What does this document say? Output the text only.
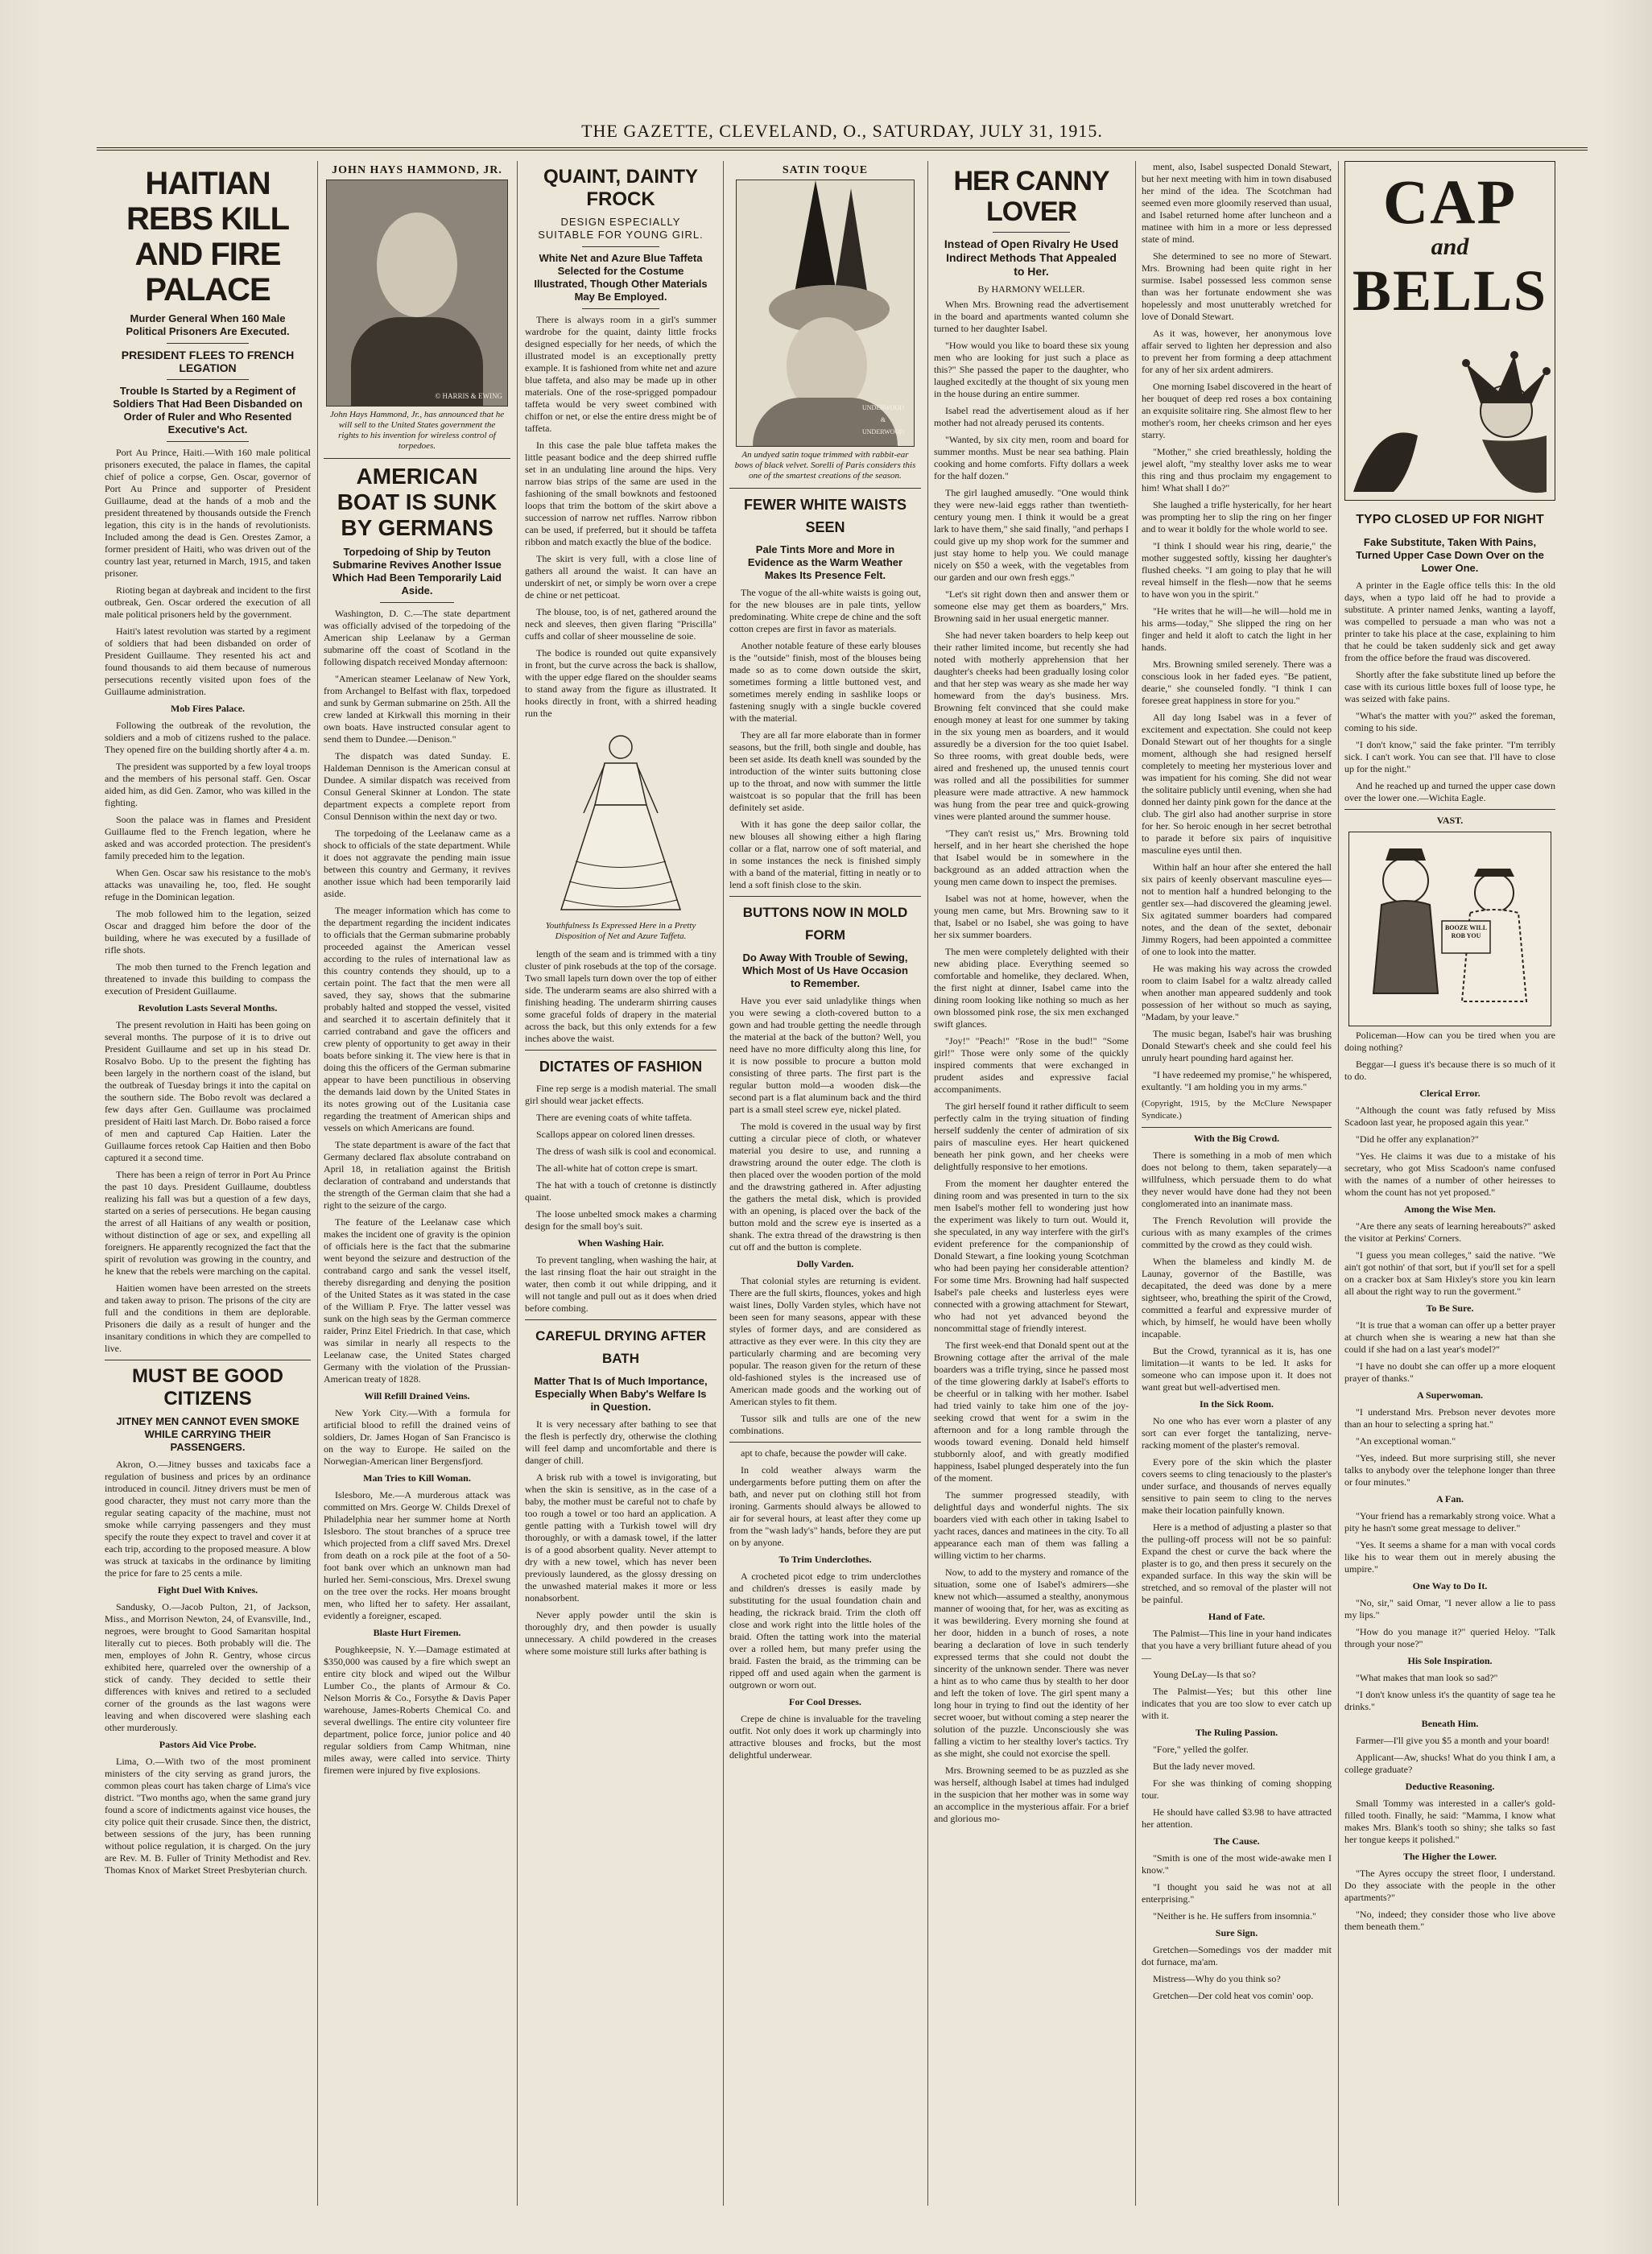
THE GAZETTE, CLEVELAND, O., SATURDAY, JULY 31, 1915.
HAITIAN REBS KILL AND FIRE PALACE
Murder General When 160 Male Political Prisoners Are Executed.
PRESIDENT FLEES TO FRENCH LEGATION
Trouble Is Started by a Regiment of Soldiers That Had Been Disbanded on Order of Ruler and Who Resented Executive's Act.

Port Au Prince, Haiti.—With 160 male political prisoners executed, the palace in flames, the capital chief of police a corpse, Gen. Oscar, governor of Port Au Prince and supporter of President Guillaume, dead at the hands of a mob and the president threatened by thousands outside the French legation, this city is in the hands of revolutionists. Included among the dead is Gen. Orestes Zamor, a former president of Haiti, who was driven out of the country last year, returned in March, 1915, and taken prisoner.

Rioting began at daybreak and incident to the first outbreak, Gen. Oscar ordered the execution of all male political prisoners held by the government.

Haiti's latest revolution was started by a regiment of soldiers that had been disbanded on order of President Guillaume. They resented his act and found thousands to aid them because of numerous persecutions recently visited upon foes of the Guillaume administration.

Mob Fires Palace.

Following the outbreak of the revolution, the soldiers and a mob of citizens rushed to the palace. They opened fire on the building shortly after 4 a. m.

The president was supported by a few loyal troops and the members of his personal staff. Gen. Oscar aided him, as did Gen. Zamor, who was killed in the fighting.

Soon the palace was in flames and President Guillaume fled to the French legation, where he asked and was accorded protection. The president's family preceded him to the legation.

When Gen. Oscar saw his resistance to the mob's attacks was unavailing he, too, fled. He sought refuge in the Dominican legation.

The mob followed him to the legation, seized Oscar and dragged him before the door of the building, where he was executed by a fusillade of rifle shots.

The mob then turned to the French legation and threatened to invade this building to compass the execution of President Guillaume.

Revolution Lasts Several Months.

The present revolution in Haiti has been going on several months. The purpose of it is to drive out President Guillaume and set up in his stead Dr. Rosalvo Bobo. Up to the present the fighting has been largely in the northern coast of the island, but the outbreak of Tuesday brings it into the capital on the southern side. The Bobo revolt was declared a few days after Gen. Guillaume was proclaimed president of Haiti last March. Dr. Bobo raised a force of men and captured Cap Haitien. Later the Guillaume forces retook Cap Haitien and then Bobo captured it a second time.

There has been a reign of terror in Port Au Prince the past 10 days. President Guillaume, doubtless realizing his fall was but a question of a few days, started on a series of persecutions. He began causing the arrest of all Haitians of any wealth or position, without distinction of age or sex, and expelling all foreigners. He apparently recognized the fact that the spirit of revolution was growing in the country, and he knew that the rebels were marching on the capital.

Haitien women have been arrested on the streets and taken away to prison. The prisons of the city are full and the conditions in them are deplorable. Prisoners die daily as a result of hunger and the insanitary conditions in which they are compelled to live.

MUST BE GOOD CITIZENS
JITNEY MEN CANNOT EVEN SMOKE WHILE CARRYING THEIR PASSENGERS.

Akron, O.—Jitney busses and taxicabs face a regulation of business and prices by an ordinance introduced in council. Jitney drivers must be men of good character, they must not carry more than the regular seating capacity of the machine, must not smoke while carrying passengers and they must specify the route they expect to travel and cover it at each trip, according to the proposed measure. A blow was struck at taxicabs in the ordinance by limiting the price for fare to 25 cents a mile.

Fight Duel With Knives.

Sandusky, O.—Jacob Pulton, 21, of Jackson, Miss., and Morrison Newton, 24, of Evansville, Ind., negroes, were brought to Good Samaritan hospital literally cut to pieces. Both probably will die. The men, employes of John R. Gentry, whose circus exhibited here, quarreled over the ownership of a stick of candy. They decided to settle their differences with knives and retired to a secluded corner of the grounds as the last wagons were leaving and when discovered were slashing each other murderously.

Pastors Aid Vice Probe.

Lima, O.—With two of the most prominent ministers of the city serving as grand jurors, the common pleas court has taken charge of Lima's vice district. "Two months ago, when the same grand jury found a score of indictments against vice houses, the city police quit their crusade. Since then, the district, between sessions of the jury, has been running without police regulation, it is charged. On the jury are Rev. M. B. Fuller of Trinity Methodist and Rev. Thomas Knox of Market Street Presbyterian church.

JOHN HAYS HAMMOND, JR.
© HARRIS & EWING
John Hays Hammond, Jr., has announced that he will sell to the United States government the rights to his invention for wireless control of torpedoes.
AMERICAN BOAT IS SUNK BY GERMANS
Torpedoing of Ship by Teuton Submarine Revives Another Issue Which Had Been Temporarily Laid Aside.

Washington, D. C.—The state department was officially advised of the torpedoing of the American ship Leelanaw by a German submarine off the coast of Scotland in the following dispatch received Monday afternoon:

"American steamer Leelanaw of New York, from Archangel to Belfast with flax, torpedoed and sunk by German submarine on 25th. All the crew landed at Kirkwall this morning in their own boats. Have instructed consular agent to send them to Dundee.—Denison."

The dispatch was dated Sunday. E. Haldeman Dennison is the American consul at Dundee. A similar dispatch was received from Consul General Skinner at London. The state department expects a complete report from Consul Dennison within the next day or two.

The torpedoing of the Leelanaw came as a shock to officials of the state department. While it does not aggravate the pending main issue between this country and Germany, it revives another issue which had been temporarily laid aside.

The meager information which has come to the department regarding the incident indicates to officials that the German submarine probably proceeded against the American vessel according to the rules of international law as this country contends they should, up to a certain point. The fact that the men were all saved, they say, shows that the submarine probably halted and stopped the vessel, visited and searched it to ascertain definitely that it carried contraband and gave the officers and crew plenty of opportunity to get away in their boats before sinking it. The view here is that in doing this the officers of the German submarine appear to have been punctilious in observing the demands laid down by the United States in its notes growing out of the Lusitania case regarding the treatment of American ships and vessels on which Americans are found.

The state department is aware of the fact that Germany declared flax absolute contraband on April 18, in retaliation against the British declaration of contraband and understands that the strength of the German claim that she had a right to the seizure of the cargo.

The feature of the Leelanaw case which makes the incident one of gravity is the opinion of officials here is the fact that the submarine went beyond the seizure and destruction of the contraband cargo and sank the vessel itself, thereby disregarding and denying the position of the United States as it was stated in the case of the William P. Frye. The latter vessel was sunk on the high seas by the German commerce raider, Prinz Eitel Friedrich. In that case, which was similar in nearly all respects to the Leelanaw case, the United States charged Germany with the violation of the Prussian-American treaty of 1828.

Will Refill Drained Veins.

New York City.—With a formula for artificial blood to refill the drained veins of soldiers, Dr. James Hogan of San Francisco is on the way to Europe. He sailed on the Norwegian-American liner Bergensfjord.

Man Tries to Kill Woman.

Islesboro, Me.—A murderous attack was committed on Mrs. George W. Childs Drexel of Philadelphia near her summer home at North Islesboro. The stout branches of a spruce tree which projected from a cliff saved Mrs. Drexel from death on a rock pile at the foot of a 50-foot bank over which an unknown man had hurled her. Semi-conscious, Mrs. Drexel swung on the tree over the rocks. Her moans brought men, who lifted her to safety. Her assailant, evidently a foreigner, escaped.

Blaste Hurt Firemen.

Poughkeepsie, N. Y.—Damage estimated at $350,000 was caused by a fire which swept an entire city block and wiped out the Wilbur Lumber Co., the plants of Armour & Co. Nelson Morris & Co., Forsythe & Davis Paper warehouse, James-Roberts Chemical Co. and several dwellings. The entire city volunteer fire department, police force, junior police and 40 regular soldiers from Camp Whitman, nine miles away, were called into service. Thirty firemen were injured by five explosions.

QUAINT, DAINTY FROCK
DESIGN ESPECIALLY SUITABLE FOR YOUNG GIRL.
White Net and Azure Blue Taffeta Selected for the Costume Illustrated, Though Other Materials May Be Employed.

There is always room in a girl's summer wardrobe for the quaint, dainty little frocks designed especially for her needs, of which the illustrated model is an exceptionally pretty example. It is fashioned from white net and azure blue taffeta, and also may be made up in other materials. One of the rose-sprigged pompadour taffeta would be very sweet combined with chiffon or net, or else the entire dress might be of taffeta.

In this case the pale blue taffeta makes the little peasant bodice and the deep shirred ruffle set in an undulating line around the hips. Very narrow bias strips of the same are used in the fashioning of the small bowknots and festooned loops that trim the bottom of the skirt above a succession of narrow net ruffles. Narrow ribbon can be used, if preferred, but it should be taffeta ribbon and match exactly the blue of the bodice.

The skirt is very full, with a close line of gathers all around the waist. It can have an underskirt of net, or simply be worn over a crepe de chine or net petticoat.

The blouse, too, is of net, gathered around the neck and sleeves, then given flaring "Priscilla" cuffs and collar of sheer mousseline de soie.

The bodice is rounded out quite expansively in front, but the curve across the back is shallow, with the upper edge flared on the shoulder seams to stand away from the figure as illustrated. It hooks directly in front, with a shirred heading run the

Youthfulness Is Expressed Here in a Pretty Disposition of Net and Azure Taffeta.

length of the seam and is trimmed with a tiny cluster of pink rosebuds at the top of the corsage. Two small lapels turn down over the top of either side. The underarm seams are also shirred with a finishing heading. The underarm shirring causes some graceful folds of drapery in the material across the back, but this only extends for a few inches above the waist.

DICTATES OF FASHION

Fine rep serge is a modish material. The small girl should wear jacket effects.

There are evening coats of white taffeta.

Scallops appear on colored linen dresses.

The dress of wash silk is cool and economical.

The all-white hat of cotton crepe is smart.

The hat with a touch of cretonne is distinctly quaint.

The loose unbelted smock makes a charming design for the small boy's suit.

When Washing Hair.

To prevent tangling, when washing the hair, at the last rinsing float the hair out straight in the water, then comb it out while dripping, and it will not tangle and pull out as it does when dried before combing.

CAREFUL DRYING AFTER BATH
Matter That Is of Much Importance, Especially When Baby's Welfare Is in Question.

It is very necessary after bathing to see that the flesh is perfectly dry, otherwise the clothing will feel damp and uncomfortable and there is danger of chill.

A brisk rub with a towel is invigorating, but when the skin is sensitive, as in the case of a baby, the mother must be careful not to chafe by too rough a towel or too hard an application. A gentle patting with a Turkish towel will dry thoroughly, or with a damask towel, if the latter is of a good absorbent quality. Never attempt to dry with a new towel, which has never been previously laundered, as the glossy dressing on the unwashed material makes it more or less nonabsorbent.

Never apply powder until the skin is thoroughly dry, and then powder is usually unnecessary. A child powdered in the creases where some moisture still lurks after bathing is

SATIN TOQUE
UNDERWOOD & UNDERWOOD
An undyed satin toque trimmed with rabbit-ear bows of black velvet. Sorelli of Paris considers this one of the smartest creations of the season.
FEWER WHITE WAISTS SEEN
Pale Tints More and More in Evidence as the Warm Weather Makes Its Presence Felt.

The vogue of the all-white waists is going out, for the new blouses are in pale tints, yellow predominating. White crepe de chine and the soft cotton crepes are first in favor as materials.

Another notable feature of these early blouses is the "outside" finish, most of the blouses being made so as to come down outside the skirt, sometimes forming a little buttoned vest, and sometimes merely ending in sashlike loops or fastening snugly with a single buckle covered with the material.

They are all far more elaborate than in former seasons, but the frill, both single and double, has been set aside. Its death knell was sounded by the introduction of the winter suits buttoning close up to the throat, and now with summer the little waistcoat is so popular that the frill has been definitely set aside.

With it has gone the deep sailor collar, the new blouses all showing either a high flaring collar or a flat, narrow one of soft material, and in some instances the neck is finished simply with a band of the material, fitting in neatly or to lend a soft finish close to the skin.

BUTTONS NOW IN MOLD FORM
Do Away With Trouble of Sewing, Which Most of Us Have Occasion to Remember.

Have you ever said unladylike things when you were sewing a cloth-covered button to a gown and had trouble getting the needle through the material at the back of the button? Well, you need have no more difficulty along this line, for it is now possible to procure a button mold consisting of three parts. The first part is the regular button mold—a wooden disk—the second part is a flat aluminum back and the third part is a small steel screw eye, nickel plated.

The mold is covered in the usual way by first cutting a circular piece of cloth, or whatever material you desire to use, and running a drawstring around the outer edge. The cloth is then placed over the wooden portion of the mold and the drawstring gathered in. After adjusting the gathers the metal disk, which is provided with an opening, is placed over the back of the button mold and the screw eye is inserted as a shank. The extra thread of the drawstring is then cut off and the button is complete.

Dolly Varden.

That colonial styles are returning is evident. There are the full skirts, flounces, yokes and high waist lines, Dolly Varden styles, which have not been seen for many seasons, appear with these styles of former days, and are considered as attractive as they ever were. In this city they are particularly charming and are becoming very popular. The reason given for the return of these old-fashioned styles is the increased use of American made goods and the working out of American styles to fit them.

Tussor silk and tulls are one of the new combinations.

apt to chafe, because the powder will cake.

In cold weather always warm the undergarments before putting them on after the bath, and never put on clothing still hot from ironing. Garments should always be allowed to air for several hours, at least after they come up from the "wash lady's" hands, before they are put on by anyone.

To Trim Underclothes.

A crocheted picot edge to trim underclothes and children's dresses is easily made by substituting for the usual foundation chain and heading, the rickrack braid. Trim the cloth off close and work right into the little holes of the braid. Often the tatting work into the material over a rolled hem, but many prefer using the braid. Fasten the braid, as the trimming can be ripped off and used again when the garment is outgrown or worn out.

For Cool Dresses.

Crepe de chine is invaluable for the traveling outfit. Not only does it work up charmingly into attractive blouses and frocks, but the most delightful underwear.

HER CANNY LOVER
Instead of Open Rivalry He Used Indirect Methods That Appealed to Her.
By HARMONY WELLER.

When Mrs. Browning read the advertisement in the board and apartments wanted column she turned to her daughter Isabel.

"How would you like to board these six young men who are looking for just such a place as this?" She passed the paper to the daughter, who laughed excitedly at the thought of six young men in the house during an entire summer.

Isabel read the advertisement aloud as if her mother had not already perused its contents.

"Wanted, by six city men, room and board for summer months. Must be near sea bathing. Plain cooking and home comforts. Fifty dollars a week for the half dozen."

The girl laughed amusedly. "One would think they were new-laid eggs rather than twentieth-century young men. I think it would be a great lark to have them," she said finally, "and perhaps I could give up my shop work for the summer and just stay home to help you. We could manage nicely on $50 a week, with the vegetables from our garden and our own fresh eggs."

"Let's sit right down then and answer them or someone else may get them as boarders," Mrs. Browning said in her usual energetic manner.

She had never taken boarders to help keep out their rather limited income, but recently she had noted with motherly apprehension that her daughter's cheeks had been gradually losing color and that her step was weary as she made her way homeward from the day's business. Mrs. Browning felt convinced that she could make enough money at least for one summer by taking in the six young men as boarders, and it would assuredly be a diversion for the too quiet Isabel. So three rooms, with great double beds, were aired and freshened up, the unused tennis court was rolled and all the possibilities for summer pleasure were made attractive. A new hammock was hung from the pear tree and quick-growing vines were planted around the summer house.

"They can't resist us," Mrs. Browning told herself, and in her heart she cherished the hope that Isabel would be in somewhere in the background as an added attraction when the young men came down to inspect the premises.

Isabel was not at home, however, when the young men came, but Mrs. Browning saw to it that, Isabel or no Isabel, she was going to have her six summer boarders.

The men were completely delighted with their new abiding place. Everything seemed so comfortable and homelike, they declared. When, the first night at dinner, Isabel came into the dining room looking like nothing so much as her own blossomed pink rose, the six men exchanged swift glances.

"Joy!" "Peach!" "Rose in the bud!" "Some girl!" Those were only some of the quickly inspired comments that were exchanged in prudent asides and expressive facial accompaniments.

The girl herself found it rather difficult to seem perfectly calm in the trying situation of finding herself suddenly the center of admiration of six pairs of masculine eyes. Her heart quickened beneath her pink gown, and her cheeks were delightfully responsive to her emotions.

From the moment her daughter entered the dining room and was presented in turn to the six men Isabel's mother fell to wondering just how the experiment was likely to turn out. Would it, she speculated, in any way interfere with the girl's evident preference for the companionship of Donald Stewart, a fine looking young Scotchman who had been paying her considerable attention? For some time Mrs. Browning had half suspected Isabel's pale cheeks and lusterless eyes were connected with a growing attachment for Stewart, who had not yet advanced beyond the noncommittal stage of friendly interest.

The first week-end that Donald spent out at the Browning cottage after the arrival of the male boarders was a trifle trying, since he passed most of the time glowering darkly at Isabel's efforts to be cheerful or in talking with her mother. Isabel had tried vainly to take him one of the joy-seeking crowd that went for a swim in the afternoon and for a long ramble through the woods toward evening. Donald held himself stubbornly aloof, and with greatly modified happiness, Isabel plunged desperately into the fun of the moment.

The summer progressed steadily, with delightful days and wonderful nights. The six boarders vied with each other in taking Isabel to yacht races, dances and matinees in the city. To all appearance each man of them was falling a willing victim to her charms.

Now, to add to the mystery and romance of the situation, some one of Isabel's admirers—she knew not which—assumed a stealthy, anonymous manner of wooing that, for her, was as exciting as it was bewildering. Every morning she found at her door, hidden in a bunch of roses, a note bearing a declaration of love in such tenderly expressed terms that she could not doubt the sincerity of the unknown sender. There was never a hint as to who came thus by stealth to her door and left the token of love. The girl spent many a long hour in trying to find out the identity of her secret wooer, but without coming a step nearer the solution of the puzzle. Unconsciously she was falling a victim to her stealthy lover's tactics. Try as she might, she could not exorcise the spell.

Mrs. Browning seemed to be as puzzled as she was herself, although Isabel at times had indulged in the suspicion that her mother was in some way an accomplice in the mysterious affair. For a brief and glorious mo-

ment, also, Isabel suspected Donald Stewart, but her next meeting with him in town disabused her mind of the idea. The Scotchman had seemed even more gloomily reserved than usual, and Isabel returned home after luncheon and a matinee with him in a more or less depressed state of mind.

She determined to see no more of Stewart. Mrs. Browning had been quite right in her surmise. Isabel possessed less common sense than was her fortunate endowment she was hopelessly and most unutterably wretched for love of Donald Stewart.

As it was, however, her anonymous love affair served to lighten her depression and also to prevent her from forming a deep attachment for any of her six ardent admirers.

One morning Isabel discovered in the heart of her bouquet of deep red roses a box containing an exquisite solitaire ring. She almost flew to her mother's room, her cheeks crimson and her eyes starry.

"Mother," she cried breathlessly, holding the jewel aloft, "my stealthy lover asks me to wear this ring and thus proclaim my engagement to him! What shall I do?"

She laughed a trifle hysterically, for her heart was prompting her to slip the ring on her finger and to wear it boldly for the whole world to see.

"I think I should wear his ring, dearie," the mother suggested softly, kissing her daughter's flushed cheeks. "I am going to play that he will reveal himself in the flesh—now that he seems to have won you in the spirit."

"He writes that he will—he will—hold me in his arms—today," She slipped the ring on her finger and held it aloft to catch the light in her hands.

Mrs. Browning smiled serenely. There was a conscious look in her faded eyes. "Be patient, dearie," she counseled fondly. "I think I can foresee great happiness in store for you."

All day long Isabel was in a fever of excitement and expectation. She could not keep Donald Stewart out of her thoughts for a single moment, although she had resigned herself completely to meeting her mysterious lover and was impatient for his coming. She did not wear the solitaire publicly until evening, when she had donned her dainty pink gown for the dance at the club. The girl also had another surprise in store for her. So heroic enough in her secret betrothal to parade it before six pairs of inquisitive masculine eyes until then.

Within half an hour after she entered the hall six pairs of keenly observant masculine eyes—not to mention half a hundred belonging to the gentler sex—had discovered the gleaming jewel. Six agitated summer boarders had compared notes, and the dean of the sextet, debonair Jimmy Rogers, had been appointed a committee of one to look into the matter.

He was making his way across the crowded room to claim Isabel for a waltz already called when another man appeared suddenly and took possession of her without so much as saying, "Madam, by your leave."

The music began, Isabel's hair was brushing Donald Stewart's cheek and she could feel his unruly heart pounding hard against her.

"I have redeemed my promise," he whispered, exultantly. "I am holding you in my arms."

(Copyright, 1915, by the McClure Newspaper Syndicate.)

With the Big Crowd.

There is something in a mob of men which does not belong to them, taken separately—a willfulness, which persuade them to do what they never would have done had they not been conglomerated into an inanimate mass.

The French Revolution will provide the curious with as many examples of the crimes committed by the crowd as they could wish.

When the blameless and kindly M. de Launay, governor of the Bastille, was decapitated, the deed was done by a mere sightseer, who, breathing the spirit of the Crowd, committed a fearful and expressive murder of which, by himself, he would have been wholly incapable.

But the Crowd, tyrannical as it is, has one limitation—it wants to be led. It asks for someone who can impose upon it. It does not want great but well-advertised men.

In the Sick Room.

No one who has ever worn a plaster of any sort can ever forget the tantalizing, nerve-racking moment of the plaster's removal.

Every pore of the skin which the plaster covers seems to cling tenaciously to the plaster's under surface, and thousands of nerves equally sensitive to pain seem to cling to the nerves make their location painfully known.

Here is a method of adjusting a plaster so that the pulling-off process will not be so painful: Expand the chest or curve the back where the plaster is to go, and then press it securely on the expanded surface. In this way the skin will be stretched, and so removal of the plaster will not be painful.

Hand of Fate.

The Palmist—This line in your hand indicates that you have a very brilliant future ahead of you—

Young DeLay—Is that so?

The Palmist—Yes; but this other line indicates that you are too slow to ever catch up with it.

The Ruling Passion.

"Fore," yelled the golfer.

But the lady never moved.

For she was thinking of coming shopping tour.

He should have called $3.98 to have attracted her attention.

The Cause.

"Smith is one of the most wide-awake men I know."

"I thought you said he was not at all enterprising."

"Neither is he. He suffers from insomnia."

Sure Sign.

Gretchen—Somedings vos der madder mit dot furnace, ma'am.

Mistress—Why do you think so?

Gretchen—Der cold heat vos comin' oop.

CAP
and
BELLS
TYPO CLOSED UP FOR NIGHT
Fake Substitute, Taken With Pains, Turned Upper Case Down Over on the Lower One.

A printer in the Eagle office tells this: In the old days, when a typo laid off he had to provide a substitute. A printer named Jenks, wanting a layoff, was compelled to persuade a man who was not a printer to take his place at the case, explaining to him that he could be taken suddenly sick and get away from the office before the fraud was discovered.

Shortly after the fake substitute lined up before the case with its curious little boxes full of loose type, he was seized with fake pains.

"What's the matter with you?" asked the foreman, coming to his side.

"I don't know," said the fake printer. "I'm terribly sick. I can't work. You can see that. I'll have to close up for the night."

And he reached up and turned the upper case down over the lower one.—Wichita Eagle.

VAST.
BOOZE WILL ROB YOU

Policeman—How can you be tired when you are doing nothing?

Beggar—I guess it's because there is so much of it to do.

Clerical Error.

"Although the count was fatly refused by Miss Scadoon last year, he proposed again this year."

"Did he offer any explanation?"

"Yes. He claims it was due to a mistake of his secretary, who got Miss Scadoon's name confused with the names of a number of other heiresses to whom the count has not yet proposed."

Among the Wise Men.

"Are there any seats of learning hereabouts?" asked the visitor at Perkins' Corners.

"I guess you mean colleges," said the native. "We ain't got nothin' of that sort, but if you'll set for a spell on a cracker box at Sam Hixley's store you kin learn all about the right way to run the goverment."

To Be Sure.

"It is true that a woman can offer up a better prayer at church when she is wearing a new hat than she could if she had on a last year's model?"

"I have no doubt she can offer up a more eloquent prayer of thanks."

A Superwoman.

"I understand Mrs. Prebson never devotes more than an hour to selecting a spring hat."

"An exceptional woman."

"Yes, indeed. But more surprising still, she never talks to anybody over the telephone longer than three or four minutes."

A Fan.

"Your friend has a remarkably strong voice. What a pity he hasn't some great message to deliver."

"Yes. It seems a shame for a man with vocal cords like his to wear them out in merely abusing the umpire."

One Way to Do It.

"No, sir," said Omar, "I never allow a lie to pass my lips."

"How do you manage it?" queried Heloy. "Talk through your nose?"

His Sole Inspiration.

"What makes that man look so sad?"

"I don't know unless it's the quantity of sage tea he drinks."

Beneath Him.

Farmer—I'll give you $5 a month and your board!

Applicant—Aw, shucks! What do you think I am, a college graduate?

Deductive Reasoning.

Small Tommy was interested in a caller's gold-filled tooth. Finally, he said: "Mamma, I know what makes Mrs. Blank's tooth so shiny; she talks so fast her tongue keeps it polished."

The Higher the Lower.

"The Ayres occupy the street floor, I understand. Do they associate with the people in the other apartments?"

"No, indeed; they consider those who live above them beneath them."
